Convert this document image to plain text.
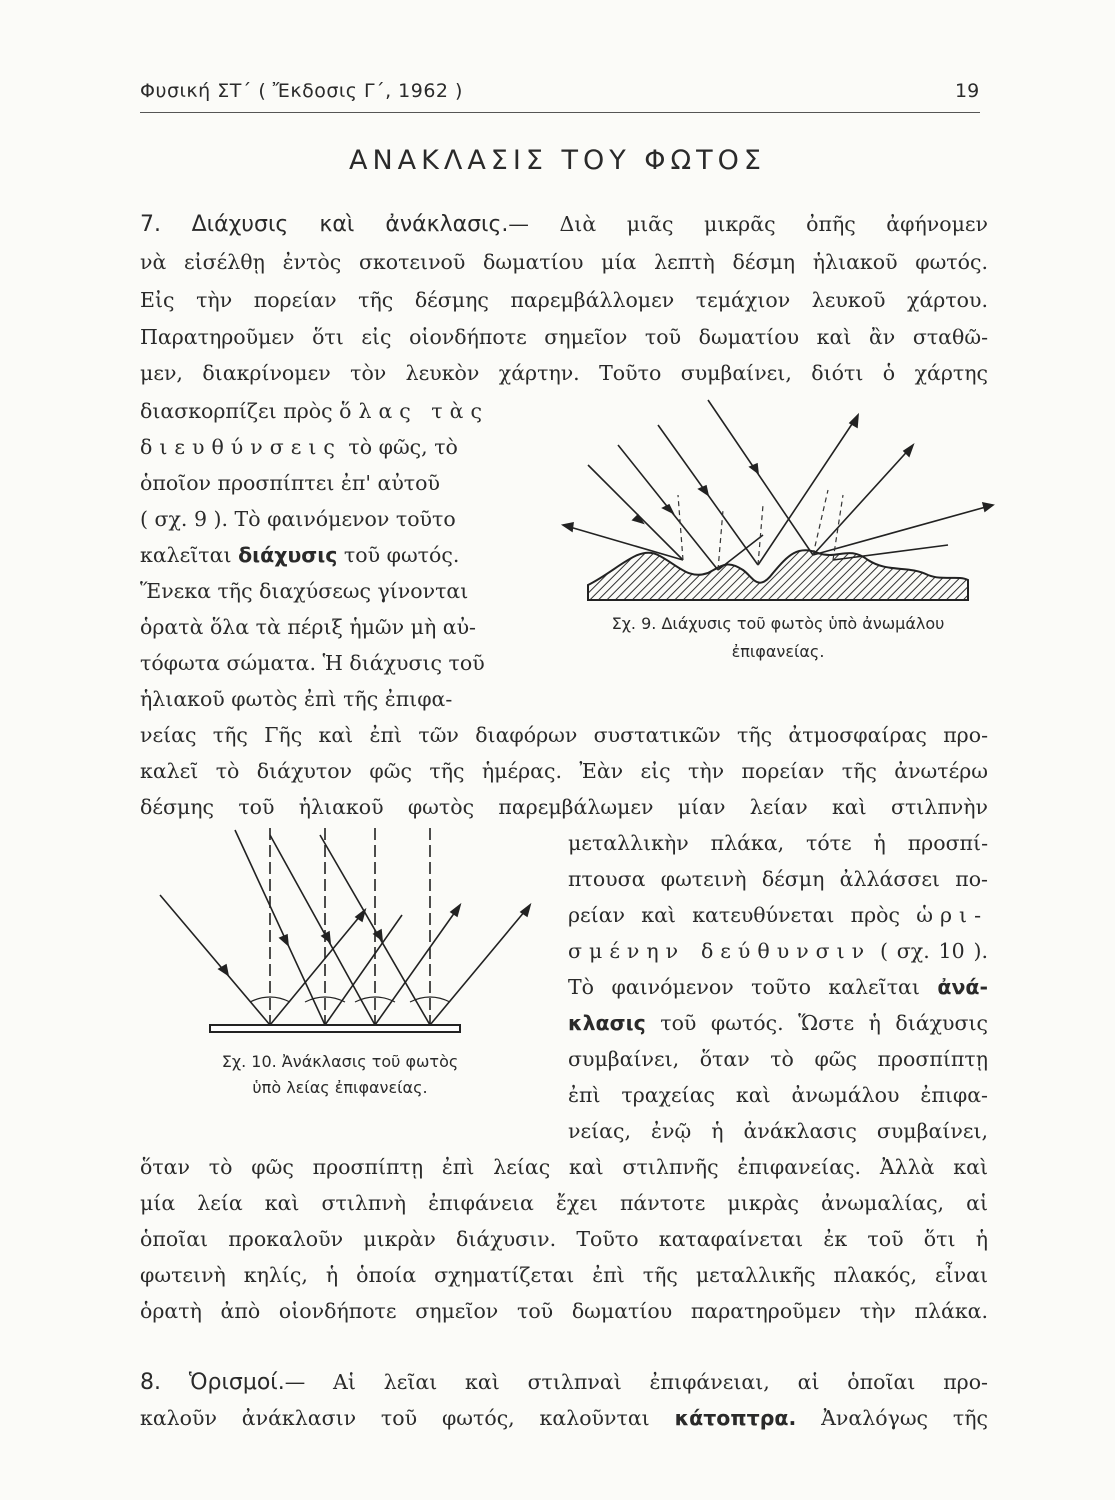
Φυσική ΣΤ΄ ( Ἔκδοσις Γ΄, 1962 )	19
ΑΝΑΚΛΑΣΙΣ ΤΟΥ ΦΩΤΟΣ
7. Διάχυσις καὶ ἀνάκλασις.— Διὰ μιᾶς μικρᾶς ὀπῆς ἀφήνομεν
νὰ εἰσέλθῃ ἐντὸς σκοτεινοῦ δωματίου μία λεπτὴ δέσμη ἡλιακοῦ φωτός.
Εἰς τὴν πορείαν τῆς δέσμης παρεμβάλλομεν τεμάχιον λευκοῦ χάρτου.
Παρατηροῦμεν ὅτι εἰς οἱονδήποτε σημεῖον τοῦ δωματίου καὶ ἂν σταθῶ-
μεν, διακρίνομεν τὸν λευκὸν χάρτην. Τοῦτο συμβαίνει, διότι ὁ χάρτης
διασκορπίζει πρὸς ὅλας τὰς
διευθύνσεις τὸ φῶς, τὸ
ὁποῖον προσπίπτει ἐπ' αὐτοῦ
( σχ. 9 ). Τὸ φαινόμενον τοῦτο
καλεῖται διάχυσις τοῦ φωτός.
Ἕνεκα τῆς διαχύσεως γίνονται
ὁρατὰ ὅλα τὰ πέριξ ἡμῶν μὴ αὐ-
τόφωτα σώματα. Ἡ διάχυσις τοῦ
ἡλιακοῦ φωτὸς ἐπὶ τῆς ἐπιφα-
Σχ. 9. Διάχυσις τοῦ φωτὸς ὑπὸ ἀνωμάλου
ἐπιφανείας.
νείας τῆς Γῆς καὶ ἐπὶ τῶν διαφόρων συστατικῶν τῆς ἀτμοσφαίρας προ-
καλεῖ τὸ διάχυτον φῶς τῆς ἡμέρας. Ἐὰν εἰς τὴν πορείαν τῆς ἀνωτέρω
δέσμης τοῦ ἡλιακοῦ φωτὸς παρεμβάλωμεν μίαν λείαν καὶ στιλπνὴν
Σχ. 10. Ἀνάκλασις τοῦ φωτὸς
ὑπὸ λείας ἐπιφανείας.
μεταλλικὴν πλάκα, τότε ἡ προσπί-
πτουσα φωτεινὴ δέσμη ἀλλάσσει πο-
ρείαν καὶ κατευθύνεται πρὸς ὡρι-
σμένην δεύθυνσιν ( σχ. 10 ).
Τὸ φαινόμενον τοῦτο καλεῖται ἀνά-
κλασις τοῦ φωτός. Ὥστε ἡ διάχυσις
συμβαίνει, ὅταν τὸ φῶς προσπίπτῃ
ἐπὶ τραχείας καὶ ἀνωμάλου ἐπιφα-
νείας, ἐνῷ ἡ ἀνάκλασις συμβαίνει,
ὅταν τὸ φῶς προσπίπτῃ ἐπὶ λείας καὶ στιλπνῆς ἐπιφανείας. Ἀλλὰ καὶ
μία λεία καὶ στιλπνὴ ἐπιφάνεια ἔχει πάντοτε μικρὰς ἀνωμαλίας, αἱ
ὁποῖαι προκαλοῦν μικρὰν διάχυσιν. Τοῦτο καταφαίνεται ἐκ τοῦ ὅτι ἡ
φωτεινὴ κηλίς, ἡ ὁποία σχηματίζεται ἐπὶ τῆς μεταλλικῆς πλακός, εἶναι
ὁρατὴ ἀπὸ οἱονδήποτε σημεῖον τοῦ δωματίου παρατηροῦμεν τὴν πλάκα.
8. Ὁρισμοί.— Αἱ λεῖαι καὶ στιλπναὶ ἐπιφάνειαι, αἱ ὁποῖαι προ-
καλοῦν ἀνάκλασιν τοῦ φωτός, καλοῦνται κάτοπτρα. Ἀναλόγως τῆς
